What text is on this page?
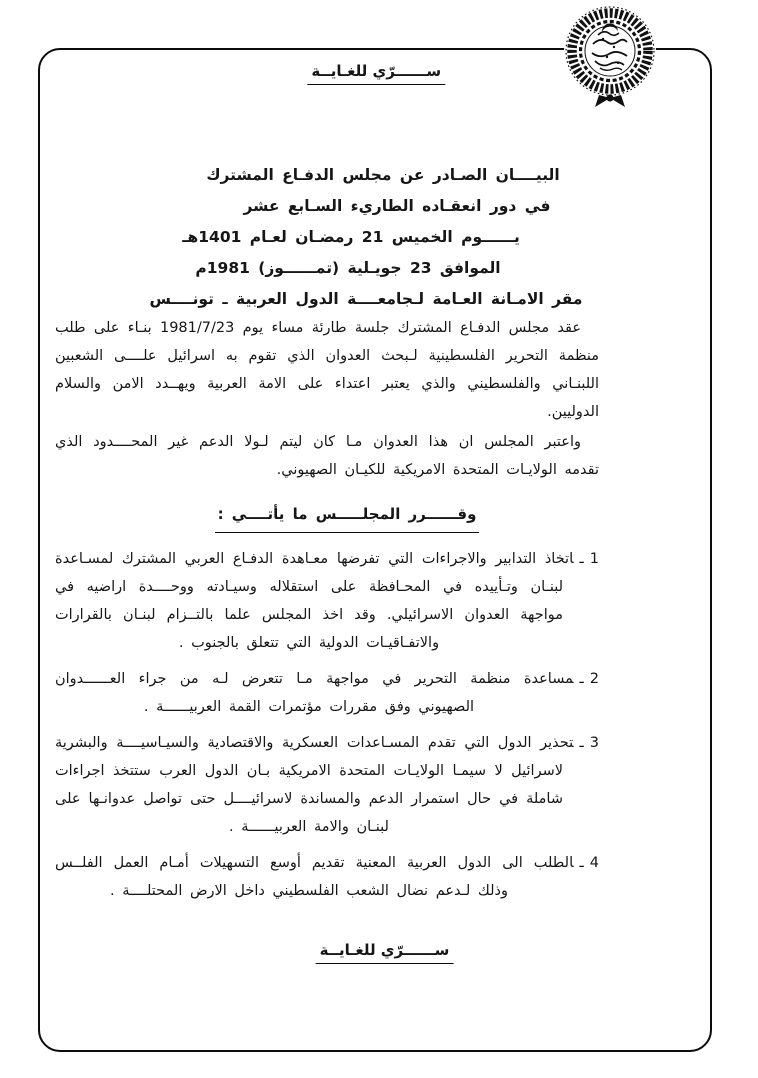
ســــــرّي للغـايــة
البيــــان الصـادر عن مجلس الدفـاع المشترك
في دور انعقـاده الطاريء السـابع عشر
يــــــوم الخميس 21 رمضـان لعـام 1401هـ
الموافق 23 جويـلية (تمــــــوز) 1981م
مقر الامـانة العـامة لـجامعــــة الدول العربية ـ تونــــس

عقد مجلس الدفـاع المشترك جلسة طارئة مساء يوم 1981/7/23 بنـاء على طلب منظمة التحرير الفلسطينية لـبحث العدوان الذي تقوم به اسرائيل علــــى الشعبين اللبنـاني والفلسطيني والذي يعتبر اعتداء على الامة العربية ويهــدد الامن والسلام الدوليين.

واعتبر المجلس ان هذا العدوان مـا كان ليتم لـولا الدعم غير المحــــدود الذي تقدمه الولايـات المتحدة الامريكية للكيـان الصهيوني.

وقــــــرر المجلـــــس ما يأتــــي :
1ـاتخاذ التدابير والاجراءات التي تفرضها معـاهدة الدفـاع العربي المشترك لمسـاعدة لبنـان وتـأييده في المحـافظة على استقلاله وسيـادته ووحــــدة اراضيه في مواجهة العدوان الاسرائيلي. وقد اخذ المجلس علما بالتــزام لبنـان بالقرارات والاتفـاقيـات الدولية التي تتعلق بالجنوب .
2ـمساعدة منظمة التحرير في مواجهة مـا تتعرض لـه من جراء العــــــدوان الصهيوني وفق مقررات مؤتمرات القمة العربيــــــة .
3ـتحذير الدول التي تقدم المسـاعدات العسكرية والاقتصادية والسيـاسيــــة والبشرية لاسرائيل لا سيمـا الولايـات المتحدة الامريكية بـان الدول العرب ستتخذ اجراءات شاملة في حال استمرار الدعم والمساندة لاسرائيــــل حتى تواصل عدوانـها على لبنـان والامة العربيــــــة .
4ـالطلب الى الدول العربية المعنية تقديم أوسع التسهيلات أمـام العمل الفلــس وذلك لـدعم نضال الشعب الفلسطيني داخل الارض المحتلــــة .
ســــــرّي للغـايــة
